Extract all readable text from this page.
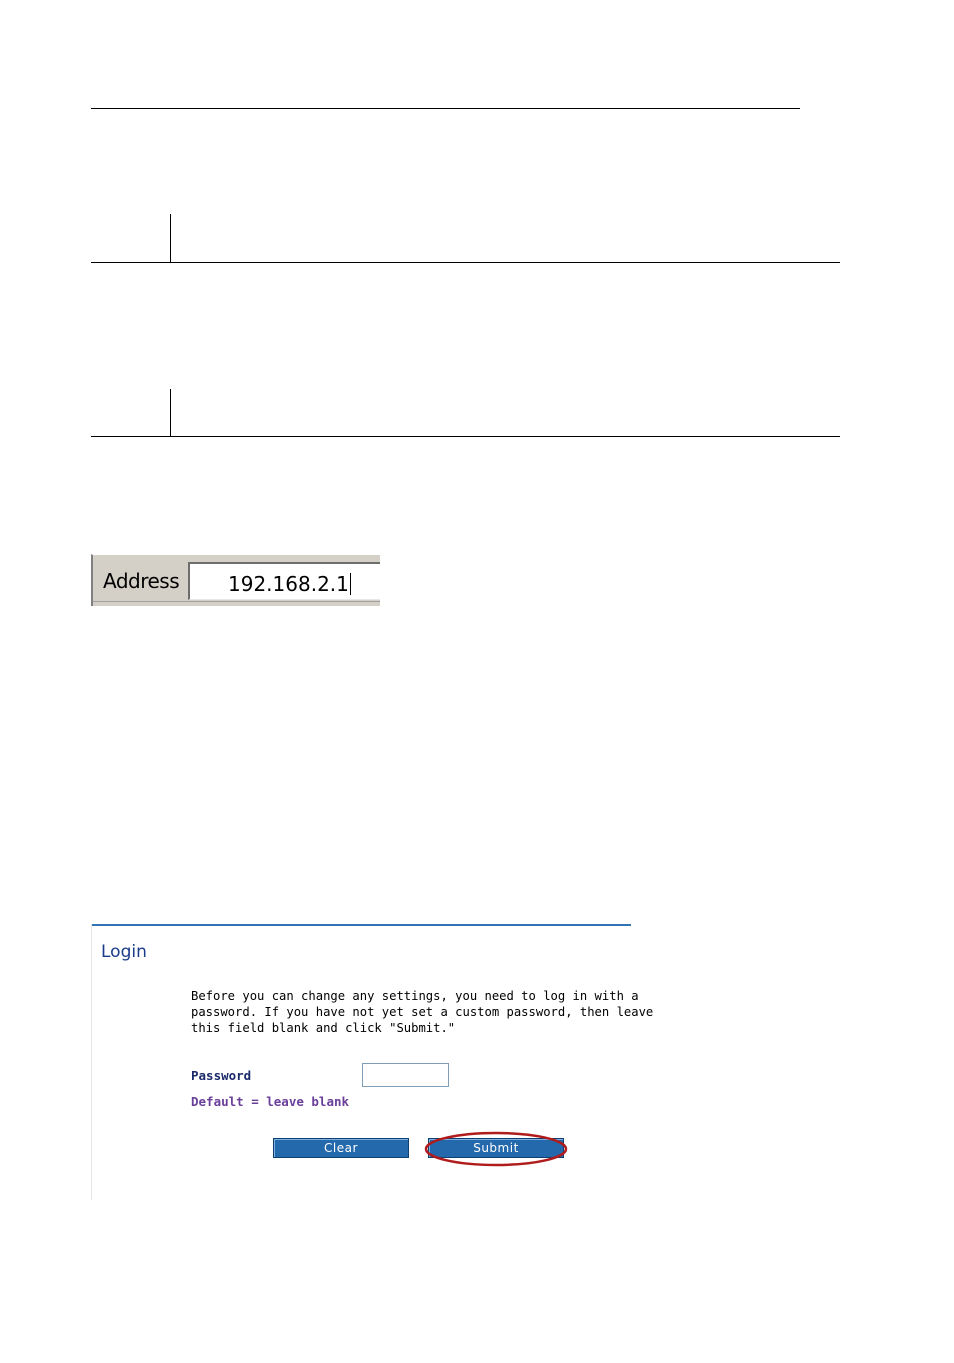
Address 192.168.2.1
Login
Before you can change any settings, you need to log in with a
password. If you have not yet set a custom password, then leave
this field blank and click "Submit."
Password
Default = leave blank
Clear	Submit
